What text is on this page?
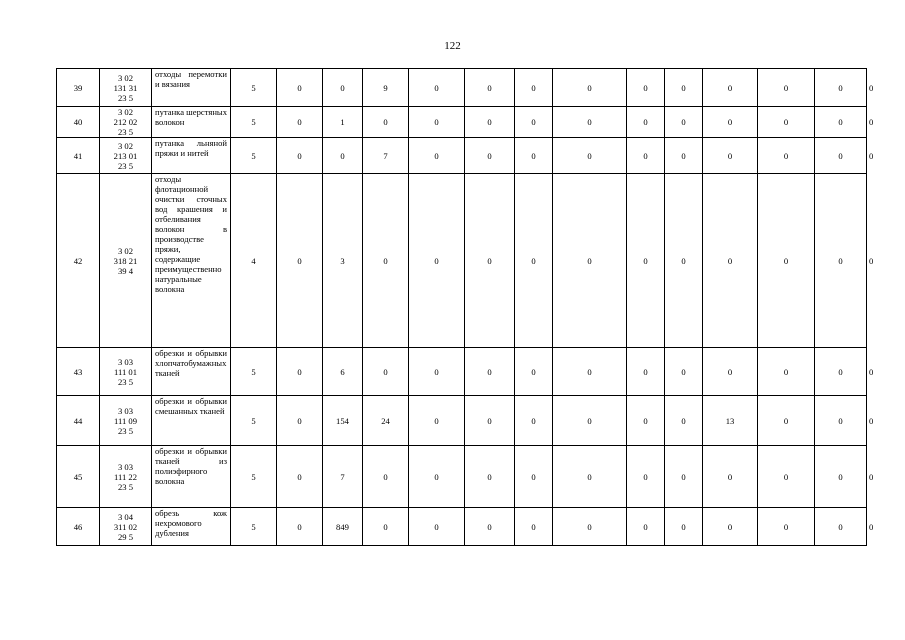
122
39	3 02
131 31
23 5	отходы перемотки и вязания	5	0	0	9	0	0	0	0	0	0	0	0	0	0
40	3 02
212 02
23 5	путанка шерстяных волокон	5	0	1	0	0	0	0	0	0	0	0	0	0	0
41	3 02
213 01
23 5	путанка льняной пряжи и нитей	5	0	0	7	0	0	0	0	0	0	0	0	0	0
42	3 02
318 21
39 4	отходы флотационной очистки сточных вод крашения и отбеливания волокон в производстве пряжи, содержащие преимущественно натуральные волокна	4	0	3	0	0	0	0	0	0	0	0	0	0	0
43	3 03
111 01
23 5	обрезки и обрывки хлопчатобумажных тканей	5	0	6	0	0	0	0	0	0	0	0	0	0	0
44	3 03
111 09
23 5	обрезки и обрывки смешанных тканей	5	0	154	24	0	0	0	0	0	0	13	0	0	0
45	3 03
111 22
23 5	обрезки и обрывки тканей из полиэфирного волокна	5	0	7	0	0	0	0	0	0	0	0	0	0	0
46	3 04
311 02
29 5	обрезь кож нехромового дубления	5	0	849	0	0	0	0	0	0	0	0	0	0	0
